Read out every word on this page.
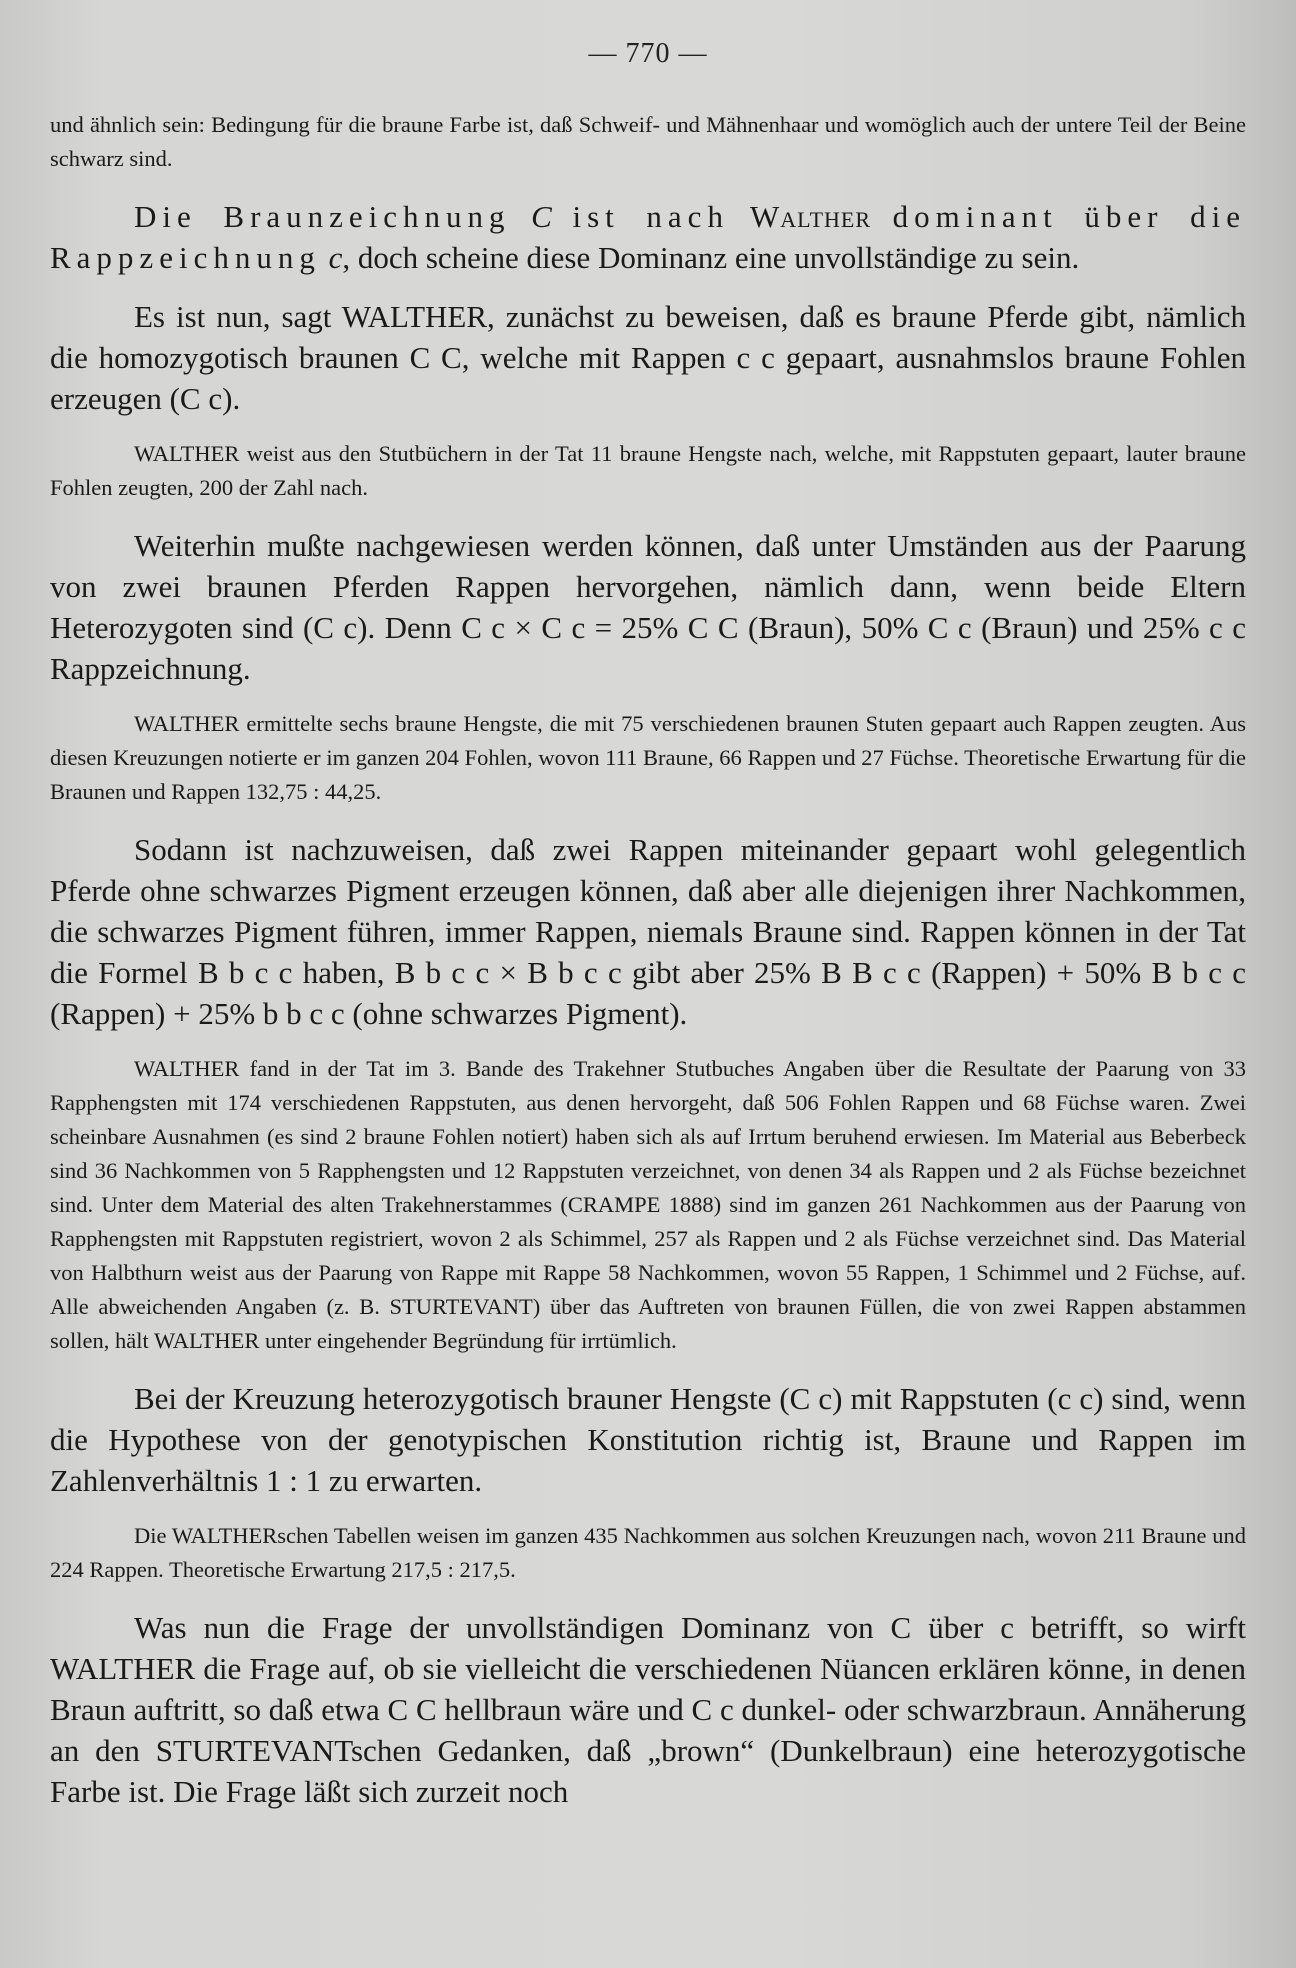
— 770 —

und ähnlich sein: Bedingung für die braune Farbe ist, daß Schweif- und Mähnenhaar und womöglich auch der untere Teil der Beine schwarz sind.

Die Braunzeichnung C ist nach Walther dominant über die Rappzeichnung c, doch scheine diese Dominanz eine unvollständige zu sein.

Es ist nun, sagt WALTHER, zunächst zu beweisen, daß es braune Pferde gibt, nämlich die homozygotisch braunen C C, welche mit Rappen c c gepaart, ausnahmslos braune Fohlen erzeugen (C c).

WALTHER weist aus den Stutbüchern in der Tat 11 braune Hengste nach, welche, mit Rappstuten gepaart, lauter braune Fohlen zeugten, 200 der Zahl nach.

Weiterhin mußte nachgewiesen werden können, daß unter Umständen aus der Paarung von zwei braunen Pferden Rappen hervorgehen, nämlich dann, wenn beide Eltern Heterozygoten sind (C c). Denn C c × C c = 25% C C (Braun), 50% C c (Braun) und 25% c c Rappzeichnung.

WALTHER ermittelte sechs braune Hengste, die mit 75 verschiedenen braunen Stuten gepaart auch Rappen zeugten. Aus diesen Kreuzungen notierte er im ganzen 204 Fohlen, wovon 111 Braune, 66 Rappen und 27 Füchse. Theoretische Erwartung für die Braunen und Rappen 132,75 : 44,25.

Sodann ist nachzuweisen, daß zwei Rappen miteinander gepaart wohl gelegentlich Pferde ohne schwarzes Pigment erzeugen können, daß aber alle diejenigen ihrer Nachkommen, die schwarzes Pigment führen, immer Rappen, niemals Braune sind. Rappen können in der Tat die Formel B b c c haben, B b c c × B b c c gibt aber 25% B B c c (Rappen) + 50% B b c c (Rappen) + 25% b b c c (ohne schwarzes Pigment).

WALTHER fand in der Tat im 3. Bande des Trakehner Stutbuches Angaben über die Resultate der Paarung von 33 Rapphengsten mit 174 verschiedenen Rappstuten, aus denen hervorgeht, daß 506 Fohlen Rappen und 68 Füchse waren. Zwei scheinbare Ausnahmen (es sind 2 braune Fohlen notiert) haben sich als auf Irrtum beruhend erwiesen. Im Material aus Beberbeck sind 36 Nachkommen von 5 Rapphengsten und 12 Rappstuten verzeichnet, von denen 34 als Rappen und 2 als Füchse bezeichnet sind. Unter dem Material des alten Trakehnerstammes (CRAMPE 1888) sind im ganzen 261 Nachkommen aus der Paarung von Rapphengsten mit Rappstuten registriert, wovon 2 als Schimmel, 257 als Rappen und 2 als Füchse verzeichnet sind. Das Material von Halbthurn weist aus der Paarung von Rappe mit Rappe 58 Nachkommen, wovon 55 Rappen, 1 Schimmel und 2 Füchse, auf. Alle abweichenden Angaben (z. B. STURTEVANT) über das Auftreten von braunen Füllen, die von zwei Rappen abstammen sollen, hält WALTHER unter eingehender Begründung für irrtümlich.

Bei der Kreuzung heterozygotisch brauner Hengste (C c) mit Rappstuten (c c) sind, wenn die Hypothese von der genotypischen Konstitution richtig ist, Braune und Rappen im Zahlenverhältnis 1 : 1 zu erwarten.

Die WALTHERschen Tabellen weisen im ganzen 435 Nachkommen aus solchen Kreuzungen nach, wovon 211 Braune und 224 Rappen. Theoretische Erwartung 217,5 : 217,5.

Was nun die Frage der unvollständigen Dominanz von C über c betrifft, so wirft WALTHER die Frage auf, ob sie vielleicht die verschiedenen Nüancen erklären könne, in denen Braun auftritt, so daß etwa C C hellbraun wäre und C c dunkel- oder schwarzbraun. Annäherung an den STURTEVANTschen Gedanken, daß „brown“ (Dunkelbraun) eine heterozygotische Farbe ist. Die Frage läßt sich zurzeit noch
